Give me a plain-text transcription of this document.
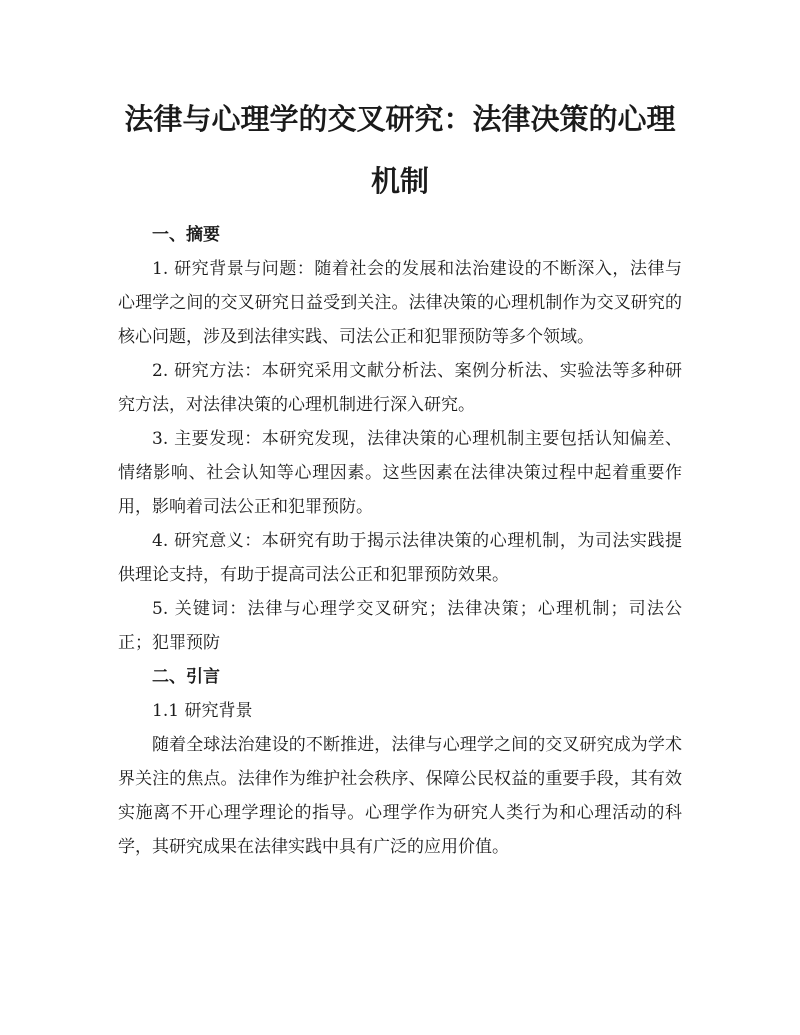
法律与心理学的交叉研究：法律决策的心理机制

一、摘要

1. 研究背景与问题：随着社会的发展和法治建设的不断深入，法律与心理学之间的交叉研究日益受到关注。法律决策的心理机制作为交叉研究的核心问题，涉及到法律实践、司法公正和犯罪预防等多个领域。

2. 研究方法：本研究采用文献分析法、案例分析法、实验法等多种研究方法，对法律决策的心理机制进行深入研究。

3. 主要发现：本研究发现，法律决策的心理机制主要包括认知偏差、情绪影响、社会认知等心理因素。这些因素在法律决策过程中起着重要作用，影响着司法公正和犯罪预防。

4. 研究意义：本研究有助于揭示法律决策的心理机制，为司法实践提供理论支持，有助于提高司法公正和犯罪预防效果。

5. 关键词：法律与心理学交叉研究；法律决策；心理机制；司法公正；犯罪预防

二、引言

1.1 研究背景

随着全球法治建设的不断推进，法律与心理学之间的交叉研究成为学术界关注的焦点。法律作为维护社会秩序、保障公民权益的重要手段，其有效实施离不开心理学理论的指导。心理学作为研究人类行为和心理活动的科学，其研究成果在法律实践中具有广泛的应用价值。
